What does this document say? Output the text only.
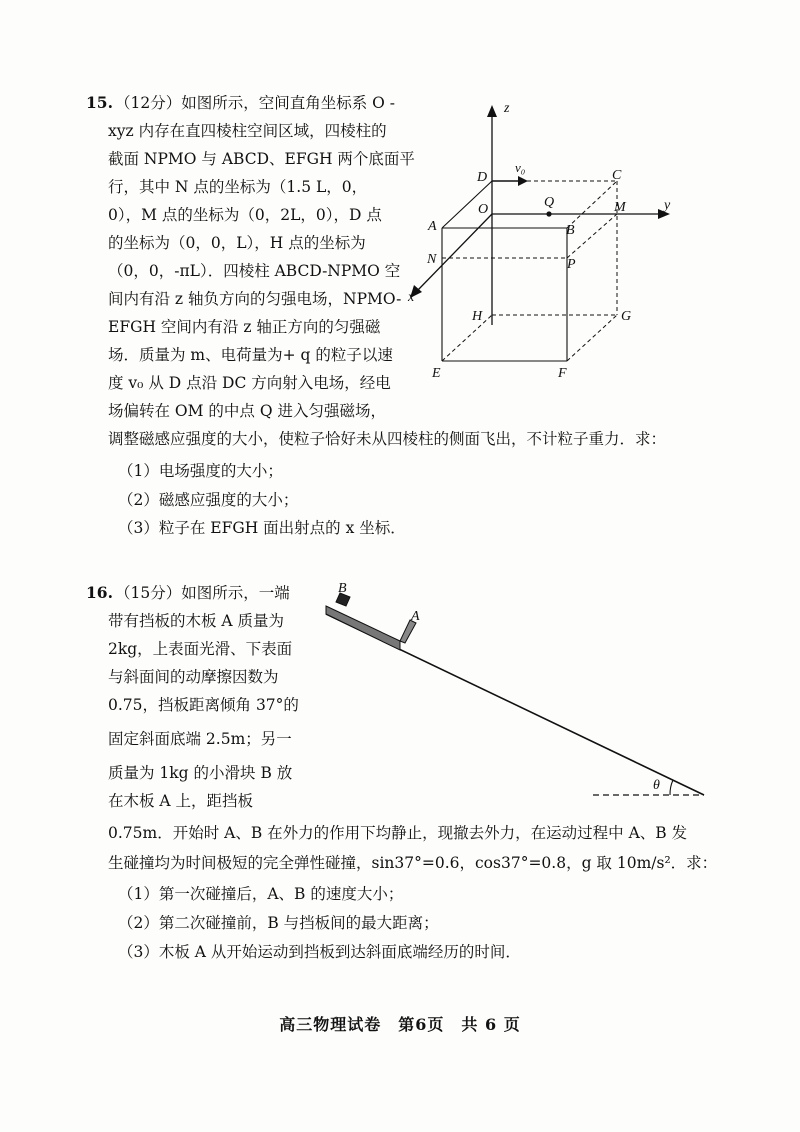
15. （12分）如图所示，空间直角坐标系 O -
xyz 内存在直四棱柱空间区域，四棱柱的
截面 NPMO 与 ABCD、EFGH 两个底面平
行，其中 N 点的坐标为（1.5 L，0，
0），M 点的坐标为（0，2L，0），D 点
的坐标为（0，0，L），H 点的坐标为
（0，0，-πL）．四棱柱 ABCD-NPMO 空
间内有沿 z 轴负方向的匀强电场，NPMO-
EFGH 空间内有沿 z 轴正方向的匀强磁
场．质量为 m、电荷量为+ q 的粒子以速
度 v₀ 从 D 点沿 DC 方向射入电场，经电
场偏转在 OM 的中点 Q 进入匀强磁场，
调整磁感应强度的大小，使粒子恰好未从四棱柱的侧面飞出，不计粒子重力．求：
（1）电场强度的大小；
（2）磁感应强度的大小；
（3）粒子在 EFGH 面出射点的 x 坐标．
z
y
x
v₀
D	C
O	Q	M
A	B
N	P
H	G
E	F
16. （15分）如图所示，一端
带有挡板的木板 A 质量为
2kg，上表面光滑、下表面
与斜面间的动摩擦因数为
0.75，挡板距离倾角 37°的
固定斜面底端 2.5m；另一
质量为 1kg 的小滑块 B 放
在木板 A 上，距挡板
0.75m．开始时 A、B 在外力的作用下均静止，现撤去外力，在运动过程中 A、B 发
生碰撞均为时间极短的完全弹性碰撞，sin37°=0.6，cos37°=0.8，g 取 10m/s²．求：
（1）第一次碰撞后，A、B 的速度大小；
（2）第二次碰撞前，B 与挡板间的最大距离；
（3）木板 A 从开始运动到挡板到达斜面底端经历的时间．
B
A
θ
高三物理试卷　第6页　共 6 页
